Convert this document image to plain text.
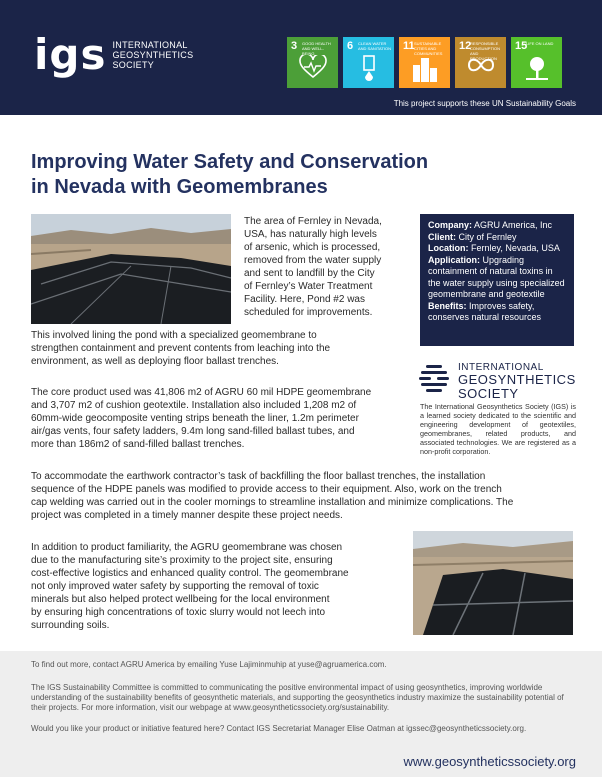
igs INTERNATIONAL
GEOSYNTHETICS
SOCIETY
3 GOOD HEALTH AND WELL-BEING
6 CLEAN WATER AND SANITATION 11 SUSTAINABLE CITIES AND COMMUNITIES
12
RESPONSIBLE CONSUMPTION AND PRODUCTION
15
LIFE ON LAND
This project supports these UN Sustainability Goals
Improving Water Safety and Conservation
in Nevada with Geomembranes
The area of Fernley in Nevada,
USA, has naturally high levels
of arsenic, which is processed,
removed from the water supply
and sent to landfill by the City
of Fernley’s Water Treatment
Facility. Here, Pond #2 was
scheduled for improvements.
This involved lining the pond with a specialized geomembrane to
strengthen containment and prevent contents from leaching into the
environment, as well as deploying floor ballast trenches.
The core product used was 41,806 m2 of AGRU 60 mil HDPE geomembrane
and 3,707 m2 of cushion geotextile. Installation also included 1,208 m2 of
60mm-wide geocomposite venting strips beneath the liner, 1.2m perimeter
air/gas vents, four safety ladders, 9.4m long sand-filled ballast tubes, and
more than 186m2 of sand-filled ballast trenches.
Company: AGRU America, Inc
Client: City of Fernley
Location: Fernley, Nevada, USA
Application: Upgrading containment of natural toxins in the water supply using specialized geomembrane and geotextile
Benefits: Improves safety, conserves natural resources
INTERNATIONAL
GEOSYNTHETICS
SOCIETY

The International Geosynthetics Society (IGS) is a learned society dedicated to the scientific and engineering development of geotextiles, geomembranes, related products, and associated technologies. We are registered as a non-profit corporation.

To accommodate the earthwork contractor’s task of backfilling the floor ballast trenches, the installation
sequence of the HDPE panels was modified to provide access to their equipment. Also, work on the trench
cap welding was carried out in the cooler mornings to streamline installation and minimize complications. The
project was completed in a timely manner despite these project needs.
In addition to product familiarity, the AGRU geomembrane was chosen
due to the manufacturing site’s proximity to the project site, ensuring
cost-effective logistics and enhanced quality control. The geomembrane
not only improved water safety by supporting the removal of toxic
minerals but also helped protect wellbeing for the local environment
by ensuring high concentrations of toxic slurry would not leech into
surrounding soils.

To find out more, contact AGRU America by emailing Yuse Lajiminmuhip at yuse@agruamerica.com.

The IGS Sustainability Committee is committed to communicating the positive environmental impact of using geosynthetics, improving worldwide understanding of the sustainability benefits of geosynthetic materials, and supporting the geosynthetics industry maximize the sustainability potential of their projects. For more information, visit our webpage at www.geosyntheticssociety.org/sustainability.

Would you like your product or initiative featured here? Contact IGS Secretariat Manager Elise Oatman at igssec@geosyntheticssociety.org.

www.geosyntheticssociety.org
